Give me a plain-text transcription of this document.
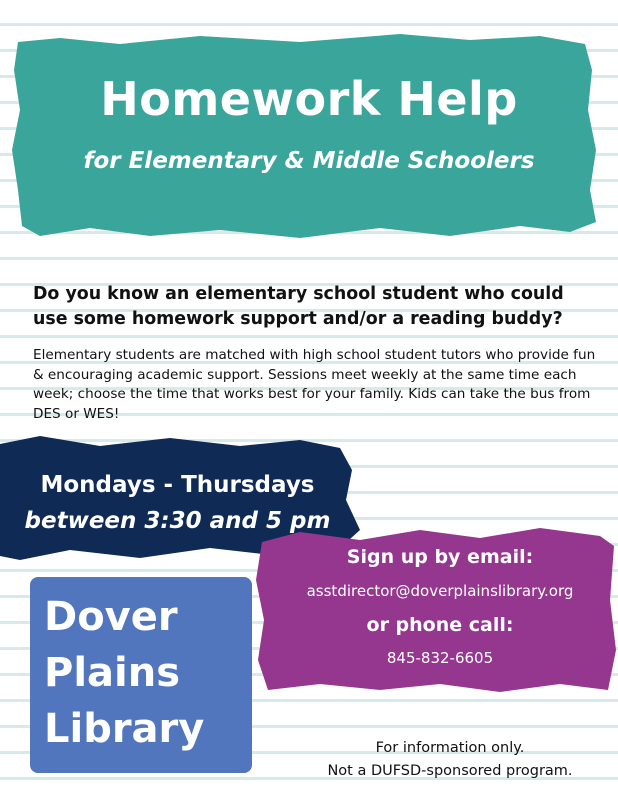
Homework Help
for Elementary & Middle Schoolers
Do you know an elementary school student who could use some homework support and/or a reading buddy?
Elementary students are matched with high school student tutors who provide fun & encouraging academic support. Sessions meet weekly at the same time each week; choose the time that works best for your family. Kids can take the bus from DES or WES!
Mondays - Thursdays
between 3:30 and 5 pm
Sign up by email:
asstdirector@doverplainslibrary.org
or phone call:
845-832-6605
Dover
Plains
Library	For information only.
Not a DUFSD-sponsored program.
